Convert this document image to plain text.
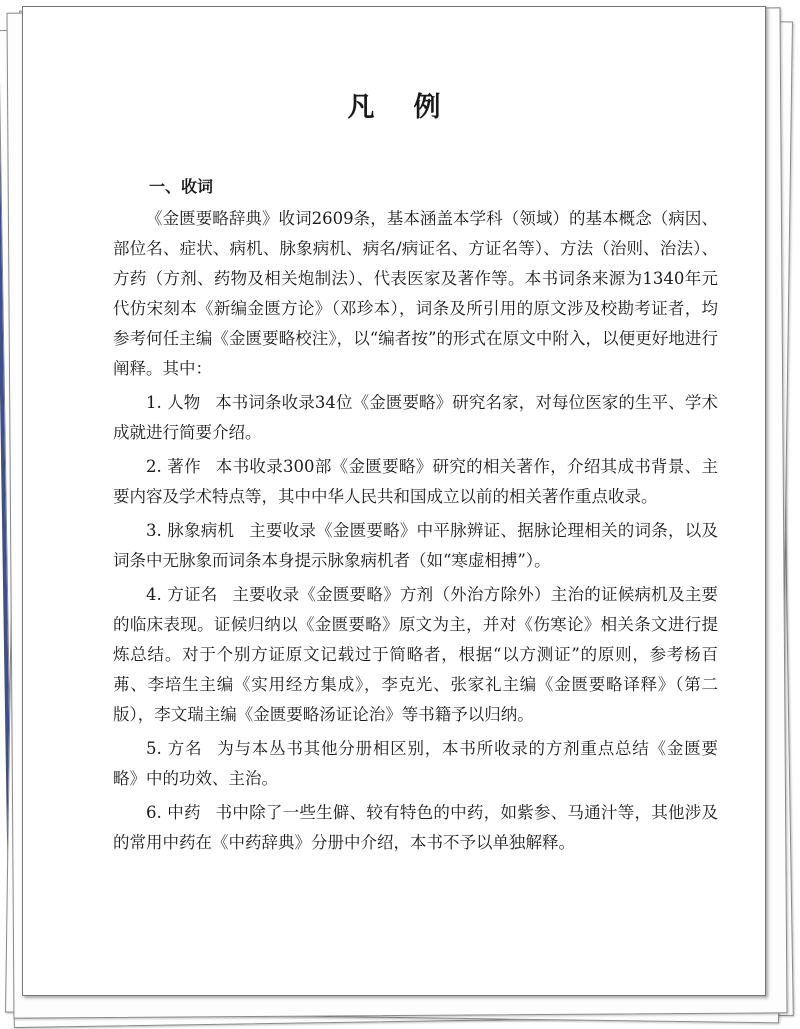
凡 例
一、收词

《金匮要略辞典》收词2609条，基本涵盖本学科（领域）的基本概念（病因、部位名、症状、病机、脉象病机、病名/病证名、方证名等）、方法（治则、治法）、方药（方剂、药物及相关炮制法）、代表医家及著作等。本书词条来源为1340年元代仿宋刻本《新编金匮方论》（邓珍本），词条及所引用的原文涉及校勘考证者，均参考何任主编《金匮要略校注》，以“编者按”的形式在原文中附入，以便更好地进行阐释。其中：

1. 人物 本书词条收录34位《金匮要略》研究名家，对每位医家的生平、学术成就进行简要介绍。

2. 著作 本书收录300部《金匮要略》研究的相关著作，介绍其成书背景、主要内容及学术特点等，其中中华人民共和国成立以前的相关著作重点收录。

3. 脉象病机 主要收录《金匮要略》中平脉辨证、据脉论理相关的词条，以及词条中无脉象而词条本身提示脉象病机者（如“寒虚相搏”）。

4. 方证名 主要收录《金匮要略》方剂（外治方除外）主治的证候病机及主要的临床表现。证候归纳以《金匮要略》原文为主，并对《伤寒论》相关条文进行提炼总结。对于个别方证原文记载过于简略者，根据“以方测证”的原则，参考杨百茀、李培生主编《实用经方集成》，李克光、张家礼主编《金匮要略译释》（第二版），李文瑞主编《金匮要略汤证论治》等书籍予以归纳。

5. 方名 为与本丛书其他分册相区别，本书所收录的方剂重点总结《金匮要略》中的功效、主治。

6. 中药 书中除了一些生僻、较有特色的中药，如紫参、马通汁等，其他涉及的常用中药在《中药辞典》分册中介绍，本书不予以单独解释。
